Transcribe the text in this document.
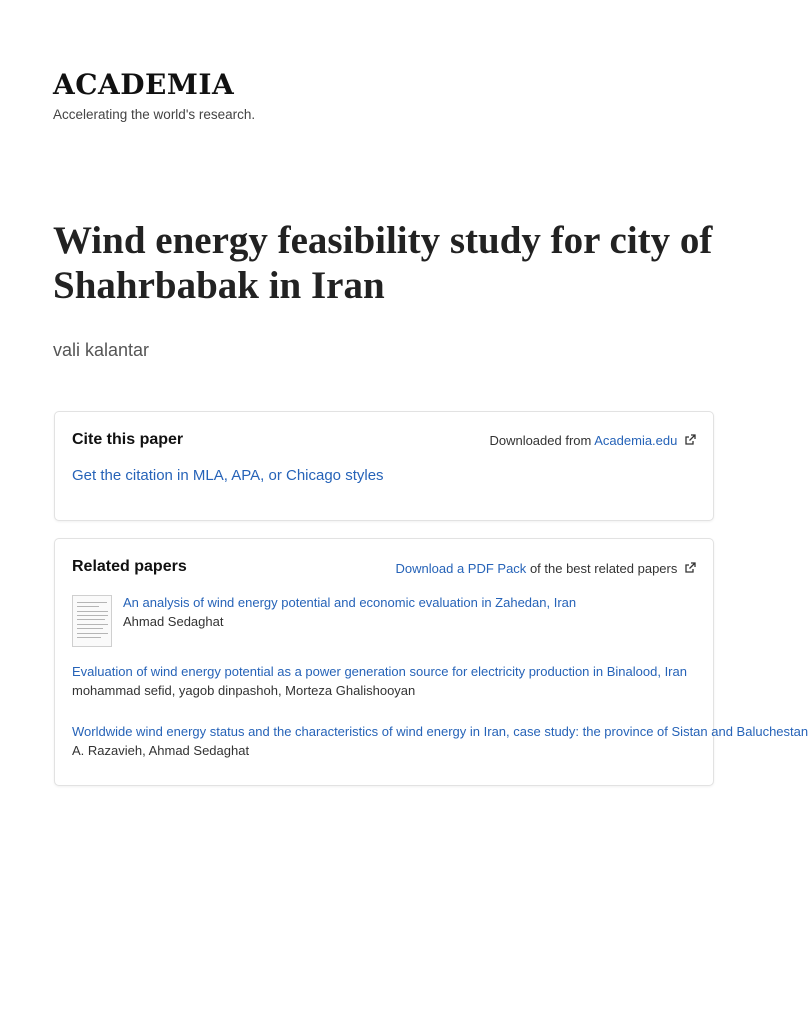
ACADEMIA
Accelerating the world's research.
Wind energy feasibility study for city of Shahrbabak in Iran
vali kalantar
Cite this paper	Downloaded from Academia.edu
Get the citation in MLA, APA, or Chicago styles
Related papers	Download a PDF Pack of the best related papers
An analysis of wind energy potential and economic evaluation in Zahedan, Iran
Ahmad Sedaghat
Evaluation of wind energy potential as a power generation source for electricity production in Binalood, Iran
mohammad sefid, yagob dinpashoh, Morteza Ghalishooyan
Worldwide wind energy status and the characteristics of wind energy in Iran, case study: the province of Sistan and Baluchestan
A. Razavieh, Ahmad Sedaghat
